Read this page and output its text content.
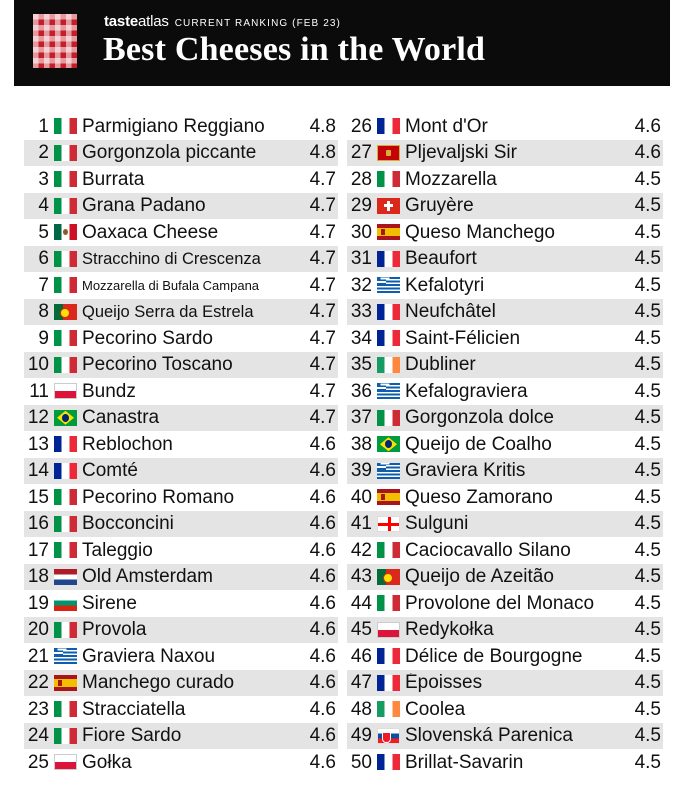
tasteatlas CURRENT RANKING (FEB 23)
Best Cheeses in the World
1 Parmigiano Reggiano	4.8
2 Gorgonzola piccante	4.8
3 Burrata	4.7
4 Grana Padano	4.7
5 Oaxaca Cheese	4.7
6 Stracchino di Crescenza	4.7
7	Mozzarella di Bufala Campana	4.7
8 Queijo Serra da Estrela	4.7
9 Pecorino Sardo	4.7
10 Pecorino Toscano	4.7
11 Bundz	4.7
12 Canastra	4.7
13 Reblochon	4.6
14 Comté	4.6
15 Pecorino Romano	4.6
16 Bocconcini	4.6
17 Taleggio	4.6
18 Old Amsterdam	4.6
19 Sirene	4.6
20 Provola	4.6
21 Graviera Naxou	4.6
22 Manchego curado	4.6
23 Stracciatella	4.6
24 Fiore Sardo	4.6
25 Gołka	4.6
26 Mont d'Or	4.6
27 Pljevaljski Sir	4.6
28 Mozzarella	4.5
29 Gruyère	4.5
30 Queso Manchego	4.5
31 Beaufort	4.5
32 Kefalotyri	4.5
33 Neufchâtel	4.5
34 Saint-Félicien	4.5
35 Dubliner	4.5
36 Kefalograviera	4.5
37 Gorgonzola dolce	4.5
38 Queijo de Coalho	4.5
39 Graviera Kritis	4.5
40 Queso Zamorano	4.5
41 Sulguni	4.5
42 Caciocavallo Silano	4.5
43 Queijo de Azeitão	4.5
44 Provolone del Monaco	4.5
45 Redykołka	4.5
46 Délice de Bourgogne	4.5
47 Époisses	4.5
48 Coolea	4.5
49 Slovenská Parenica	4.5
50 Brillat-Savarin	4.5
